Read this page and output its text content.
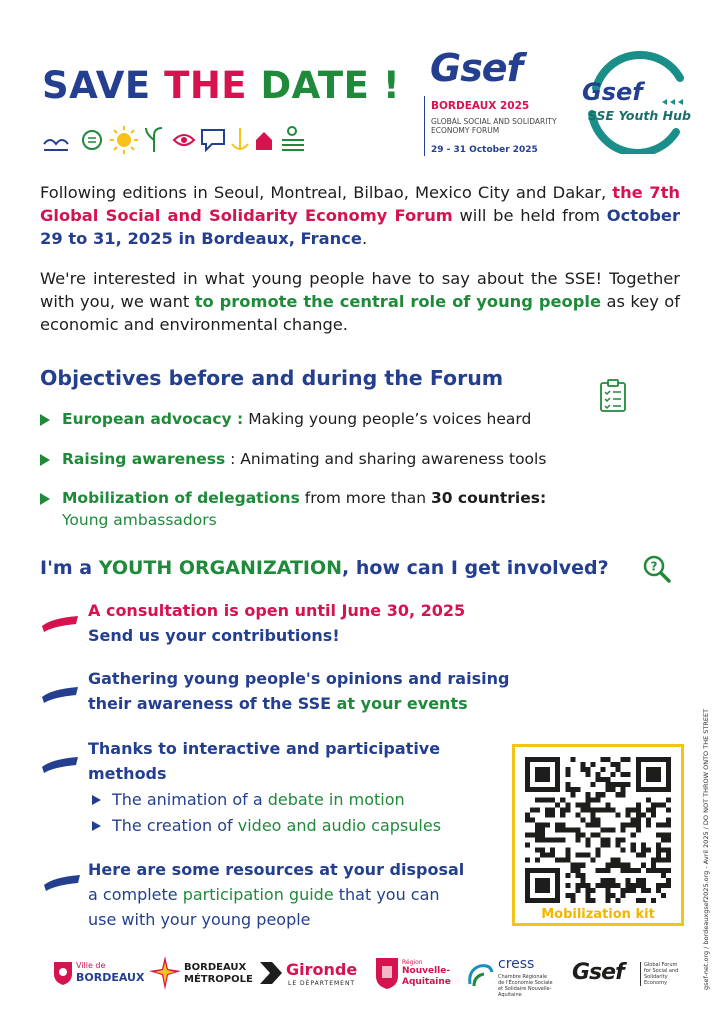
SAVE THE DATE ! Gsef
BORDEAUX 2025
GLOBAL SOCIAL AND SOLIDARITY ECONOMY FORUM
29 - 31 October 2025
Gsef
SSE Youth Hub
Following editions in Seoul, Montreal, Bilbao, Mexico City and Dakar, the 7th Global Social and Solidarity Economy Forum will be held from October 29 to 31, 2025 in Bordeaux, France.
We're interested in what young people have to say about the SSE! Together with you, we want to promote the central role of young people as key of economic and environmental change.
Objectives before and during the Forum
European advocacy : Making young people’s voices heard
Raising awareness : Animating and sharing awareness tools
Mobilization of delegations from more than 30 countries:
Young ambassadors
I'm a YOUTH ORGANIZATION, how can I get involved?	?
A consultation is open until June 30, 2025
Send us your contributions!
Gathering young people's opinions and raising
their awareness of the SSE at your events
Thanks to interactive and participative
methods
The animation of a debate in motion
The creation of video and audio capsules
Here are some resources at your disposal
a complete participation guide that you can
use with your young people	Mobilization kit	gsef-net.org / bordeauxgsef2025.org - Avril 2025 / DO NOT THROW ONTO THE STREET
Ville de
BORDEAUX
BORDEAUX
MÉTROPOLE
Gironde
LE DÉPARTEMENT
Région
Nouvelle-
Aquitaine
cress
Chambre Régionale
de l'Économie Sociale
et Solidaire Nouvelle-Aquitaine
Gsef	Global Forum
for Social and Solidarity
Economy
